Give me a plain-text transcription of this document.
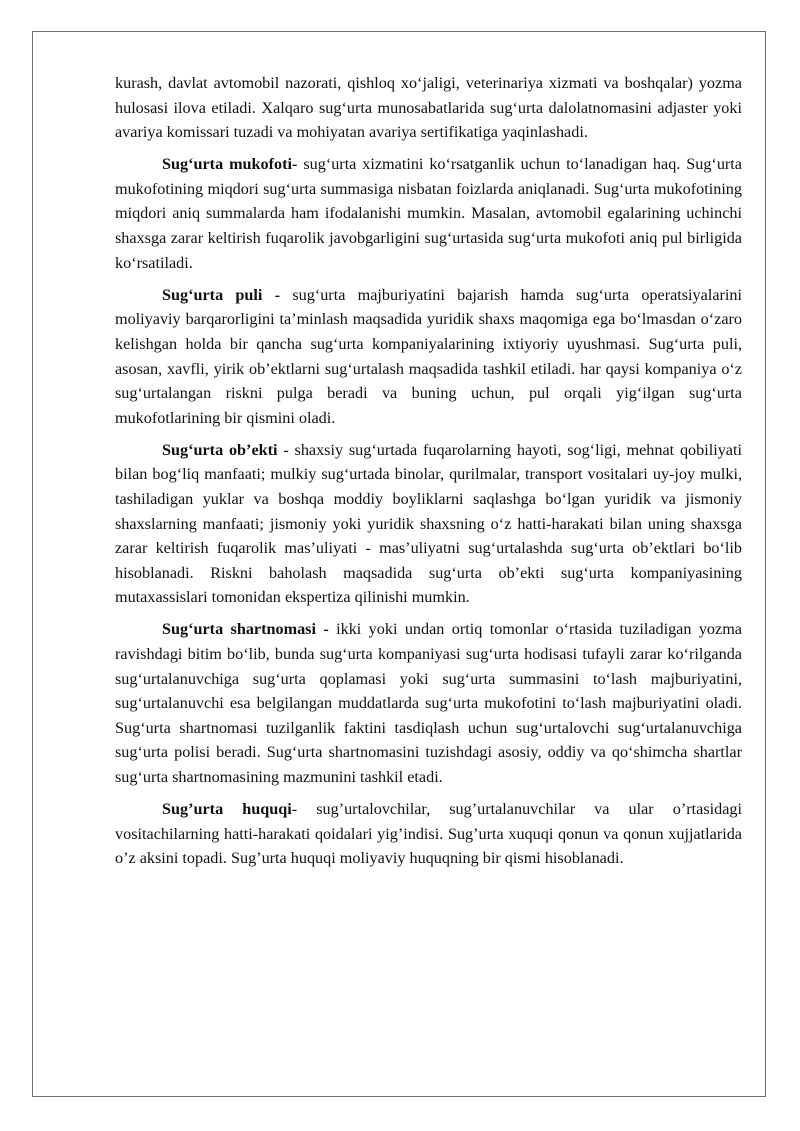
kurash, davlat avtomobil nazorati, qishloq xo‘jaligi, veterinariya xizmati va boshqalar) yozma hulosasi ilova etiladi. Xalqaro sug‘urta munosabatlarida sug‘urta dalolatnomasini adjaster yoki avariya komissari tuzadi va mohiyatan avariya sertifikatiga yaqinlashadi.

Sug‘urta mukofoti- sug‘urta xizmatini ko‘rsatganlik uchun to‘lanadigan haq. Sug‘urta mukofotining miqdori sug‘urta summasiga nisbatan foizlarda aniqlanadi. Sug‘urta mukofotining miqdori aniq summalarda ham ifodalanishi mumkin. Masalan, avtomobil egalarining uchinchi shaxsga zarar keltirish fuqarolik javobgarligini sug‘urtasida sug‘urta mukofoti aniq pul birligida ko‘rsatiladi.

Sug‘urta puli - sug‘urta majburiyatini bajarish hamda sug‘urta operatsiyalarini moliyaviy barqarorligini ta’minlash maqsadida yuridik shaxs maqomiga ega bo‘lmasdan o‘zaro kelishgan holda bir qancha sug‘urta kompaniyalarining ixtiyoriy uyushmasi. Sug‘urta puli, asosan, xavfli, yirik ob’ektlarni sug‘urtalash maqsadida tashkil etiladi. har qaysi kompaniya o‘z sug‘urtalangan riskni pulga beradi va buning uchun, pul orqali yig‘ilgan sug‘urta mukofotlarining bir qismini oladi.

Sug‘urta ob’ekti - shaxsiy sug‘urtada fuqarolarning hayoti, sog‘ligi, mehnat qobiliyati bilan bog‘liq manfaati; mulkiy sug‘urtada binolar, qurilmalar, transport vositalari uy-joy mulki, tashiladigan yuklar va boshqa moddiy boyliklarni saqlashga bo‘lgan yuridik va jismoniy shaxslarning manfaati; jismoniy yoki yuridik shaxsning o‘z hatti-harakati bilan uning shaxsga zarar keltirish fuqarolik mas’uliyati - mas’uliyatni sug‘urtalashda sug‘urta ob’ektlari bo‘lib hisoblanadi. Riskni baholash maqsadida sug‘urta ob’ekti sug‘urta kompaniyasining mutaxassislari tomonidan ekspertiza qilinishi mumkin.

Sug‘urta shartnomasi - ikki yoki undan ortiq tomonlar o‘rtasida tuziladigan yozma ravishdagi bitim bo‘lib, bunda sug‘urta kompaniyasi sug‘urta hodisasi tufayli zarar ko‘rilganda sug‘urtalanuvchiga sug‘urta qoplamasi yoki sug‘urta summasini to‘lash majburiyatini, sug‘urtalanuvchi esa belgilangan muddatlarda sug‘urta mukofotini to‘lash majburiyatini oladi. Sug‘urta shartnomasi tuzilganlik faktini tasdiqlash uchun sug‘urtalovchi sug‘urtalanuvchiga sug‘urta polisi beradi. Sug‘urta shartnomasini tuzishdagi asosiy, oddiy va qo‘shimcha shartlar sug‘urta shartnomasining mazmunini tashkil etadi.

Sug’urta huquqi- sug’urtalovchilar, sug’urtalanuvchilar va ular o’rtasidagi vositachilarning hatti-harakati qoidalari yig’indisi. Sug’urta xuquqi qonun va qonun xujjatlarida o’z aksini topadi. Sug’urta huquqi moliyaviy huquqning bir qismi hisoblanadi.
